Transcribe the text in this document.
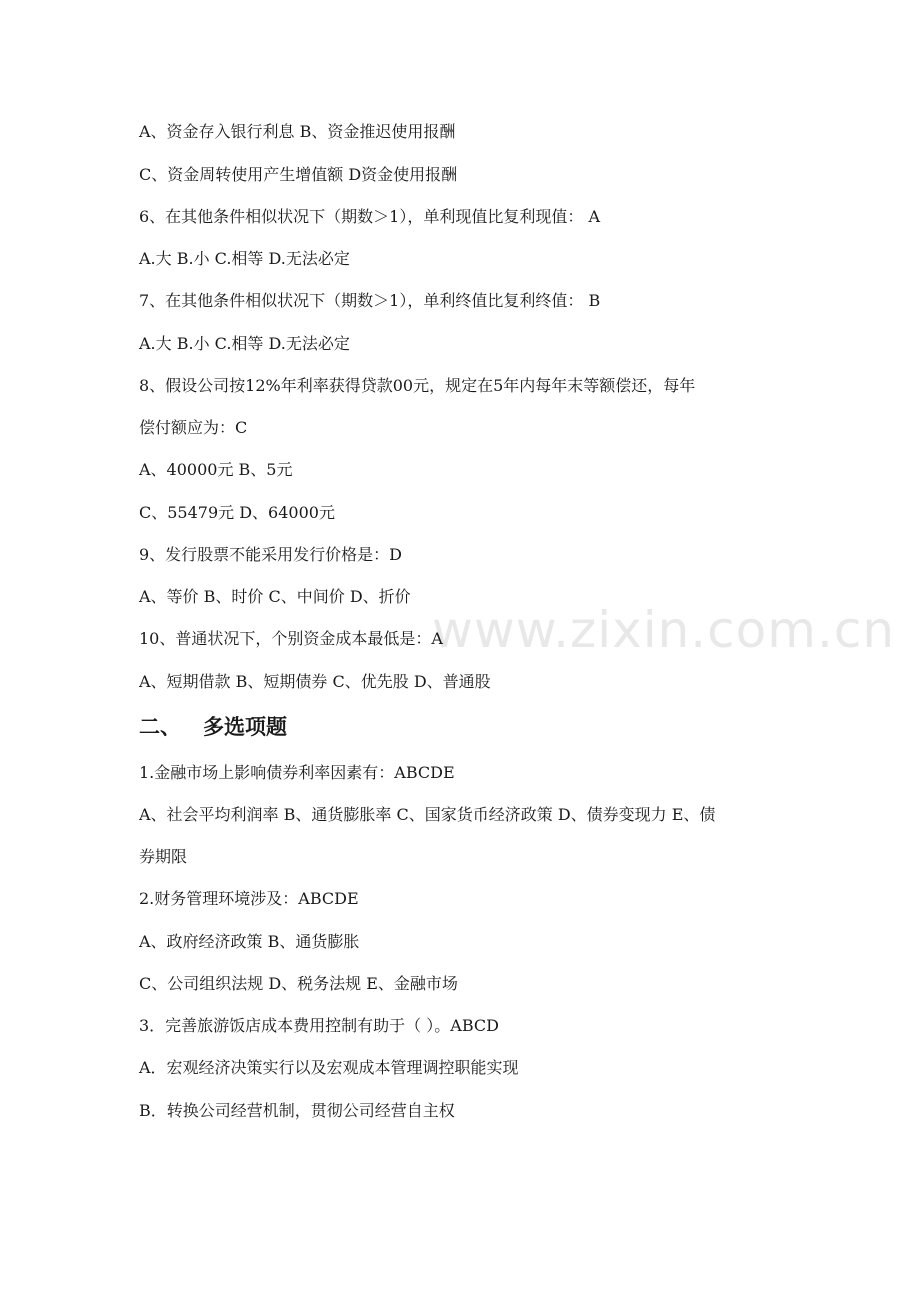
www.zixin.com.cn
A、资金存入银行利息 B、资金推迟使用报酬
C、资金周转使用产生增值额 D资金使用报酬
6、在其他条件相似状况下（期数＞1），单利现值比复利现值： A
A.大 B.小 C.相等 D.无法必定
7、在其他条件相似状况下（期数＞1），单利终值比复利终值： B
A.大 B.小 C.相等 D.无法必定
8、假设公司按12%年利率获得贷款00元，规定在5年内每年末等额偿还，每年
偿付额应为：C
A、40000元 B、5元
C、55479元 D、64000元
9、发行股票不能采用发行价格是：D
A、等价 B、时价 C、中间价 D、折价
10、普通状况下，个别资金成本最低是：A
A、短期借款 B、短期债券 C、优先股 D、普通股
二、 多选项题
1.金融市场上影响债券利率因素有：ABCDE
A、社会平均利润率 B、通货膨胀率 C、国家货币经济政策 D、债券变现力 E、债
券期限
2.财务管理环境涉及：ABCDE
A、政府经济政策 B、通货膨胀
C、公司组织法规 D、税务法规 E、金融市场
3．完善旅游饭店成本费用控制有助于（ ）。ABCD
A．宏观经济决策实行以及宏观成本管理调控职能实现
B．转换公司经营机制，贯彻公司经营自主权
